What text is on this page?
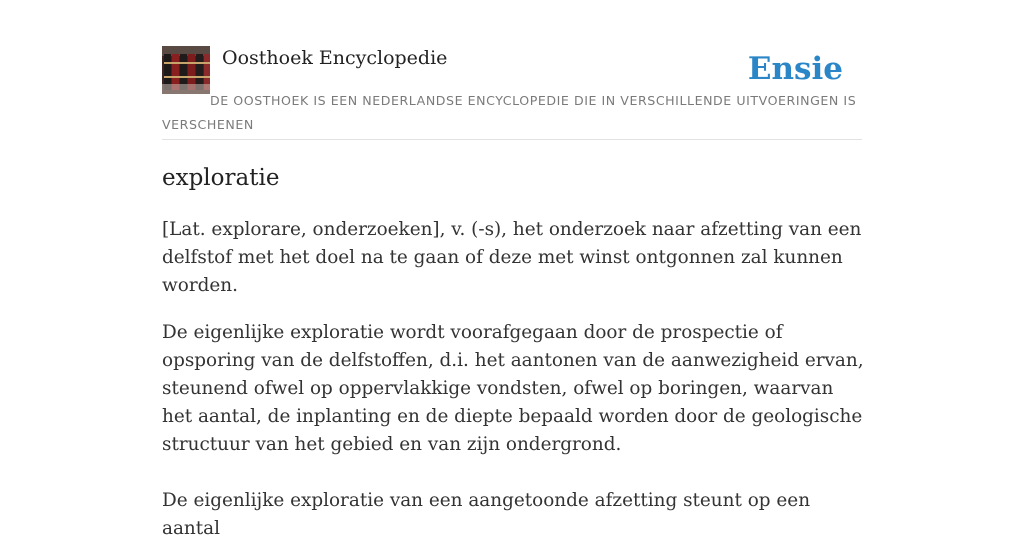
Oosthoek Encyclopedie	Ensie
DE OOSTHOEK IS EEN NEDERLANDSE ENCYCLOPEDIE DIE IN VERSCHILLENDE UITVOERINGEN IS VERSCHENEN
exploratie

[Lat. explorare, onderzoeken], v. (-s), het onderzoek naar afzetting van een delfstof met het doel na te gaan of deze met winst ontgonnen zal kunnen worden.

De eigenlijke exploratie wordt voorafgegaan door de prospectie of opsporing van de delfstoffen, d.i. het aantonen van de aanwezigheid ervan, steunend ofwel op oppervlakkige vondsten, ofwel op boringen, waarvan het aantal, de inplanting en de diepte bepaald worden door de geologische structuur van het gebied en van zijn ondergrond.

De eigenlijke exploratie van een aangetoonde afzetting steunt op een aantal
